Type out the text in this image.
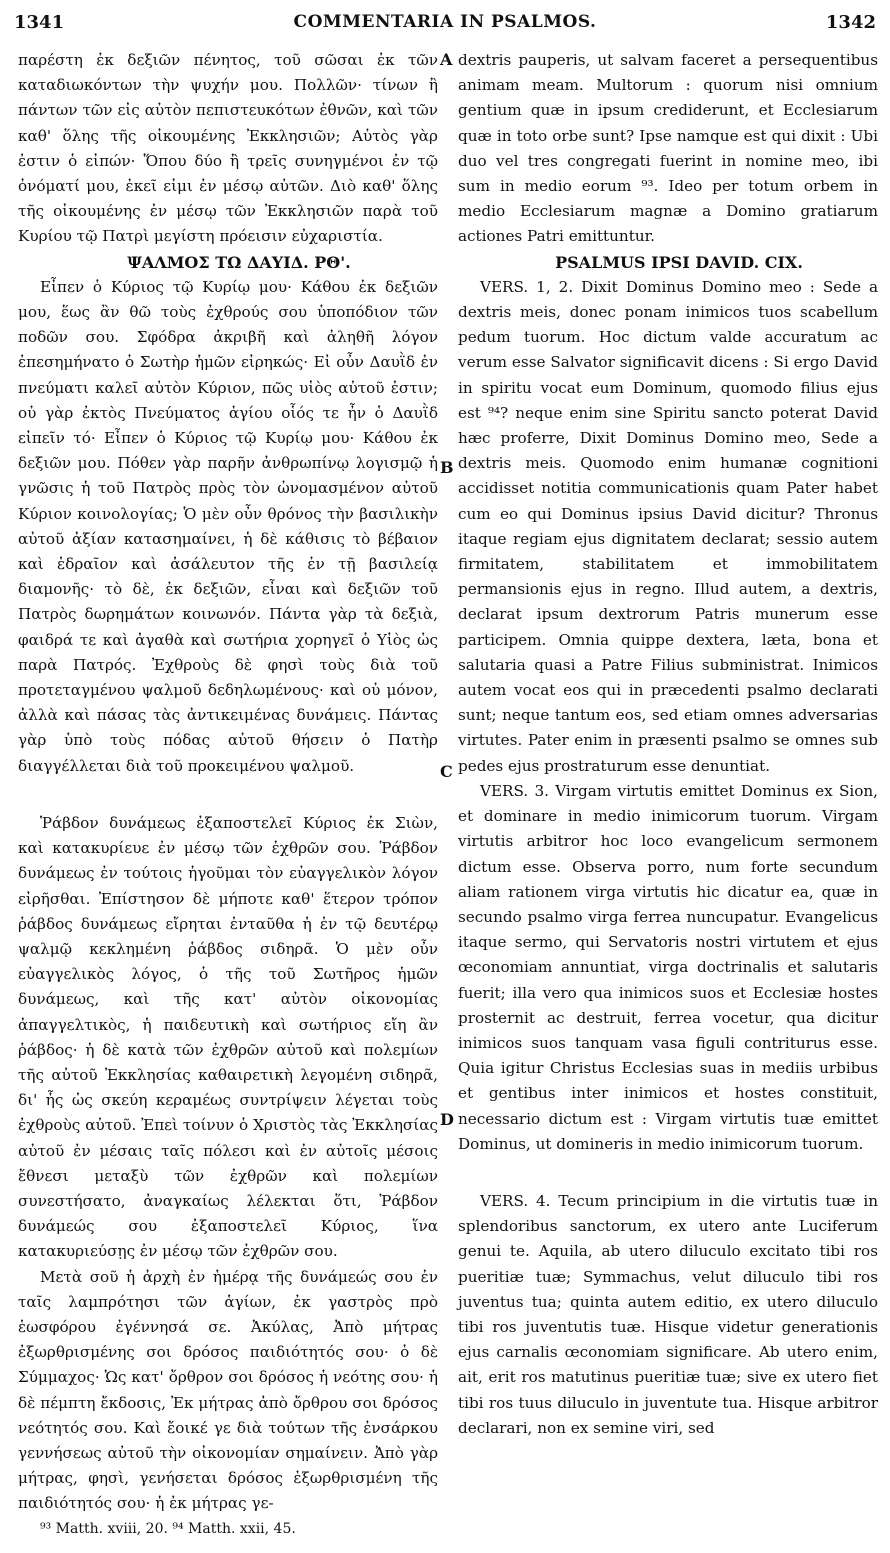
1341	COMMENTARIA IN PSALMOS.	1342
A
B
C
D

παρέστη ἐκ δεξιῶν πένητος, τοῦ σῶσαι ἐκ τῶν καταδιωκόντων τὴν ψυχήν μου. Πολλῶν· τίνων ἢ πάντων τῶν εἰς αὐτὸν πεπιστευκότων ἐθνῶν, καὶ τῶν καθ' ὅλης τῆς οἰκουμένης Ἐκκλησιῶν; Αὐτὸς γὰρ ἐστιν ὁ εἰπών· Ὅπου δύο ἢ τρεῖς συνηγμένοι ἐν τῷ ὀνόματί μου, ἐκεῖ εἰμι ἐν μέσῳ αὐτῶν. Διὸ καθ' ὅλης τῆς οἰκουμένης ἐν μέσῳ τῶν Ἐκκλησιῶν παρὰ τοῦ Κυρίου τῷ Πατρὶ μεγίστη πρόεισιν εὐχαριστία.

ΨΑΛΜΟΣ ΤΩ ΔΑΥΙΔ. ΡΘ'.

Εἶπεν ὁ Κύριος τῷ Κυρίῳ μου· Κάθου ἐκ δεξιῶν μου, ἕως ἂν θῶ τοὺς ἐχθρούς σου ὑποπόδιον τῶν ποδῶν σου. Σφόδρα ἀκριβῆ καὶ ἀληθῆ λόγον ἐπεσημήνατο ὁ Σωτὴρ ἡμῶν εἰρηκώς· Εἰ οὖν Δαυῒδ ἐν πνεύματι καλεῖ αὐτὸν Κύριον, πῶς υἱὸς αὐτοῦ ἐστιν; οὐ γὰρ ἐκτὸς Πνεύματος ἁγίου οἷός τε ἦν ὁ Δαυῒδ εἰπεῖν τό· Εἶπεν ὁ Κύριος τῷ Κυρίῳ μου· Κάθου ἐκ δεξιῶν μου. Πόθεν γὰρ παρῆν ἀνθρωπίνῳ λογισμῷ ἡ γνῶσις ἡ τοῦ Πατρὸς πρὸς τὸν ὠνομασμένον αὐτοῦ Κύριον κοινολογίας; Ὁ μὲν οὖν θρόνος τὴν βασιλικὴν αὐτοῦ ἀξίαν κατασημαίνει, ἡ δὲ κάθισις τὸ βέβαιον καὶ ἑδραῖον καὶ ἀσάλευτον τῆς ἐν τῇ βασιλείᾳ διαμονῆς· τὸ δὲ, ἐκ δεξιῶν, εἶναι καὶ δεξιῶν τοῦ Πατρὸς δωρημάτων κοινωνόν. Πάντα γὰρ τὰ δεξιὰ, φαιδρά τε καὶ ἀγαθὰ καὶ σωτήρια χορηγεῖ ὁ Υἱὸς ὡς παρὰ Πατρός. Ἐχθροὺς δὲ φησὶ τοὺς διὰ τοῦ προτεταγμένου ψαλμοῦ δεδηλωμένους· καὶ οὐ μόνον, ἀλλὰ καὶ πάσας τὰς ἀντικειμένας δυνάμεις. Πάντας γὰρ ὑπὸ τοὺς πόδας αὐτοῦ θήσειν ὁ Πατὴρ διαγγέλλεται διὰ τοῦ προκειμένου ψαλμοῦ.

Ῥάβδον δυνάμεως ἐξαποστελεῖ Κύριος ἐκ Σιὼν, καὶ κατακυρίευε ἐν μέσῳ τῶν ἐχθρῶν σου. Ῥάβδον δυνάμεως ἐν τούτοις ἡγοῦμαι τὸν εὐαγγελικὸν λόγον εἰρῆσθαι. Ἐπίστησον δὲ μήποτε καθ' ἕτερον τρόπον ῥάβδος δυνάμεως εἴρηται ἐνταῦθα ἡ ἐν τῷ δευτέρῳ ψαλμῷ κεκλημένη ῥάβδος σιδηρᾶ. Ὁ μὲν οὖν εὐαγγελικὸς λόγος, ὁ τῆς τοῦ Σωτῆρος ἡμῶν δυνάμεως, καὶ τῆς κατ' αὐτὸν οἰκονομίας ἀπαγγελτικὸς, ἡ παιδευτικὴ καὶ σωτήριος εἴη ἂν ῥάβδος· ἡ δὲ κατὰ τῶν ἐχθρῶν αὐτοῦ καὶ πολεμίων τῆς αὐτοῦ Ἐκκλησίας καθαιρετικὴ λεγομένη σιδηρᾶ, δι' ἧς ὡς σκεύη κεραμέως συντρίψειν λέγεται τοὺς ἐχθροὺς αὐτοῦ. Ἐπεὶ τοίνυν ὁ Χριστὸς τὰς Ἐκκλησίας αὐτοῦ ἐν μέσαις ταῖς πόλεσι καὶ ἐν αὐτοῖς μέσοις ἔθνεσι μεταξὺ τῶν ἐχθρῶν καὶ πολεμίων συνεστήσατο, ἀναγκαίως λέλεκται ὅτι, Ῥάβδον δυνάμεώς σου ἐξαποστελεῖ Κύριος, ἵνα κατακυριεύσῃς ἐν μέσῳ τῶν ἐχθρῶν σου.

Μετὰ σοῦ ἡ ἀρχὴ ἐν ἡμέρᾳ τῆς δυνάμεώς σου ἐν ταῖς λαμπρότησι τῶν ἁγίων, ἐκ γαστρὸς πρὸ ἑωσφόρου ἐγέννησά σε. Ἀκύλας, Ἀπὸ μήτρας ἐξωρθρισμένης σοι δρόσος παιδιότητός σου· ὁ δὲ Σύμμαχος· Ὡς κατ' ὄρθρον σοι δρόσος ἡ νεότης σου· ἡ δὲ πέμπτη ἔκδοσις, Ἐκ μήτρας ἀπὸ ὄρθρου σοι δρόσος νεότητός σου. Καὶ ἔοικέ γε διὰ τούτων τῆς ἐνσάρκου γεννήσεως αὐτοῦ τὴν οἰκονομίαν σημαίνειν. Ἀπὸ γὰρ μήτρας, φησὶ, γενήσεται δρόσος ἐξωρθρισμένη τῆς παιδιότητός σου· ἡ ἐκ μήτρας γε-

⁹³ Matth. xviii, 20. ⁹⁴ Matth. xxii, 45.

dextris pauperis, ut salvam faceret a persequentibus animam meam. Multorum : quorum nisi omnium gentium quæ in ipsum crediderunt, et Ecclesiarum quæ in toto orbe sunt? Ipse namque est qui dixit : Ubi duo vel tres congregati fuerint in nomine meo, ibi sum in medio eorum ⁹³. Ideo per totum orbem in medio Ecclesiarum magnæ a Domino gratiarum actiones Patri emittuntur.

PSALMUS IPSI DAVID. CIX.

VERS. 1, 2. Dixit Dominus Domino meo : Sede a dextris meis, donec ponam inimicos tuos scabellum pedum tuorum. Hoc dictum valde accuratum ac verum esse Salvator significavit dicens : Si ergo David in spiritu vocat eum Dominum, quomodo filius ejus est ⁹⁴? neque enim sine Spiritu sancto poterat David hæc proferre, Dixit Dominus Domino meo, Sede a dextris meis. Quomodo enim humanæ cognitioni accidisset notitia communicationis quam Pater habet cum eo qui Dominus ipsius David dicitur? Thronus itaque regiam ejus dignitatem declarat; sessio autem firmitatem, stabilitatem et immobilitatem permansionis ejus in regno. Illud autem, a dextris, declarat ipsum dextrorum Patris munerum esse participem. Omnia quippe dextera, læta, bona et salutaria quasi a Patre Filius subministrat. Inimicos autem vocat eos qui in præcedenti psalmo declarati sunt; neque tantum eos, sed etiam omnes adversarias virtutes. Pater enim in præsenti psalmo se omnes sub pedes ejus prostraturum esse denuntiat.

VERS. 3. Virgam virtutis emittet Dominus ex Sion, et dominare in medio inimicorum tuorum. Virgam virtutis arbitror hoc loco evangelicum sermonem dictum esse. Observa porro, num forte secundum aliam rationem virga virtutis hic dicatur ea, quæ in secundo psalmo virga ferrea nuncupatur. Evangelicus itaque sermo, qui Servatoris nostri virtutem et ejus œconomiam annuntiat, virga doctrinalis et salutaris fuerit; illa vero qua inimicos suos et Ecclesiæ hostes prosternit ac destruit, ferrea vocetur, qua dicitur inimicos suos tanquam vasa figuli contriturus esse. Quia igitur Christus Ecclesias suas in mediis urbibus et gentibus inter inimicos et hostes constituit, necessario dictum est : Virgam virtutis tuæ emittet Dominus, ut domineris in medio inimicorum tuorum.

VERS. 4. Tecum principium in die virtutis tuæ in splendoribus sanctorum, ex utero ante Luciferum genui te. Aquila, ab utero diluculo excitato tibi ros pueritiæ tuæ; Symmachus, velut diluculo tibi ros juventus tua; quinta autem editio, ex utero diluculo tibi ros juventutis tuæ. Hisque videtur generationis ejus carnalis œconomiam significare. Ab utero enim, ait, erit ros matutinus pueritiæ tuæ; sive ex utero fiet tibi ros tuus diluculo in juventute tua. Hisque arbitror declarari, non ex semine viri, sed
